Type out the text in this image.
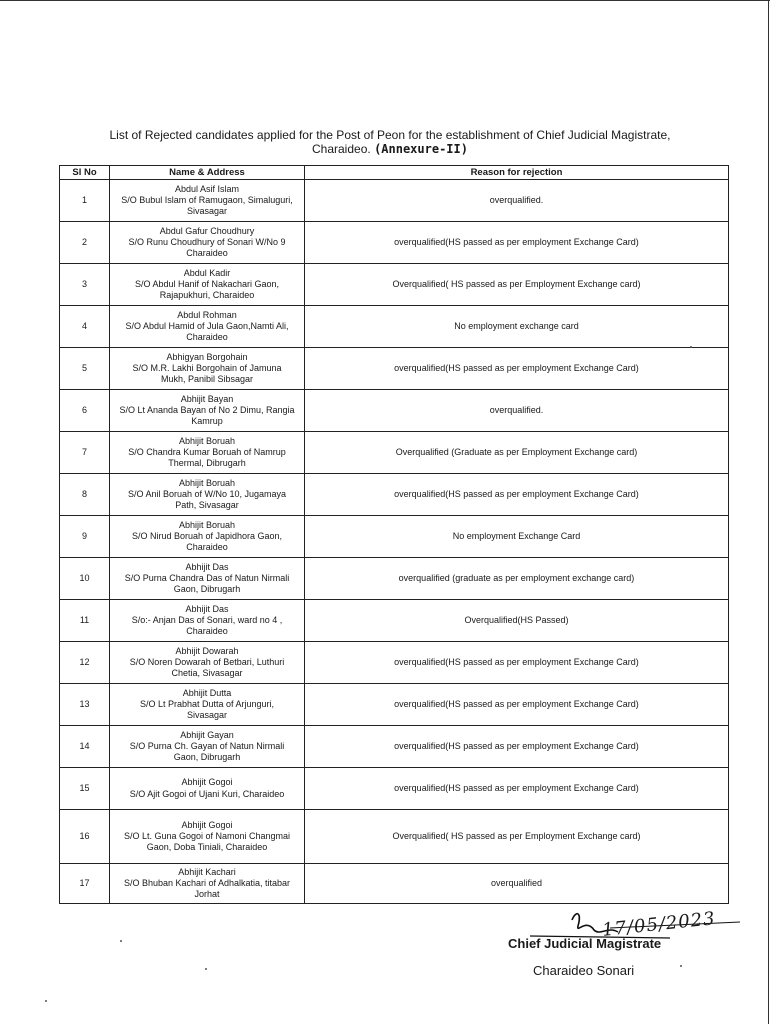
List of Rejected candidates applied for the Post of Peon for the establishment of Chief Judicial Magistrate,
Charaideo. (Annexure-II)
Sl No	Name & Address	Reason for rejection
1	Abdul Asif Islam
S/O Bubul Islam of Ramugaon, Simaluguri,
Sivasagar	overqualified.
2	Abdul Gafur Choudhury
S/O Runu Choudhury of Sonari W/No 9
Charaideo	overqualified(HS passed as per employment Exchange Card)
3	Abdul Kadir
S/O Abdul Hanif of Nakachari Gaon,
Rajapukhuri, Charaideo	Overqualified( HS passed as per Employment Exchange card)
4	Abdul Rohman
S/O Abdul Hamid of Jula Gaon,Namti Ali,
Charaideo	No employment exchange card
5	Abhigyan Borgohain
S/O M.R. Lakhi Borgohain of Jamuna
Mukh, Panibil Sibsagar	overqualified(HS passed as per employment Exchange Card)
6	Abhijit Bayan
S/O Lt Ananda Bayan of No 2 Dimu, Rangia
Kamrup	overqualified.
7	Abhijit Boruah
S/O Chandra Kumar Boruah of Namrup
Thermal, Dibrugarh	Overqualified (Graduate as per Employment Exchange card)
8	Abhijit Boruah
S/O Anil Boruah of W/No 10, Jugamaya
Path, Sivasagar	overqualified(HS passed as per employment Exchange Card)
9	Abhijit Boruah
S/O Nirud Boruah of Japidhora Gaon,
Charaideo	No employment Exchange Card
10	Abhijit Das
S/O Purna Chandra Das of Natun Nirmali
Gaon, Dibrugarh	overqualified (graduate as per employment exchange card)
11	Abhijit Das
S/o:- Anjan Das of Sonari, ward no 4 ,
Charaideo	Overqualified(HS Passed)
12	Abhijit Dowarah
S/O Noren Dowarah of Betbari, Luthuri
Chetia, Sivasagar	overqualified(HS passed as per employment Exchange Card)
13	Abhijit Dutta
S/O Lt Prabhat Dutta of Arjunguri,
Sivasagar	overqualified(HS passed as per employment Exchange Card)
14	Abhijit Gayan
S/O Purna Ch. Gayan of Natun Nirmali
Gaon, Dibrugarh	overqualified(HS passed as per employment Exchange Card)
15	Abhijit Gogoi
S/O Ajit Gogoi of Ujani Kuri, Charaideo	overqualified(HS passed as per employment Exchange Card)
16	Abhijit Gogoi
S/O Lt. Guna Gogoi of Namoni Changmai
Gaon, Doba Tiniali, Charaideo	Overqualified( HS passed as per Employment Exchange card)
17	Abhijit Kachari
S/O Bhuban Kachari of Adhalkatia, titabar
Jorhat	overqualified
17/05/2023
Chief Judicial Magistrate
Charaideo Sonari
